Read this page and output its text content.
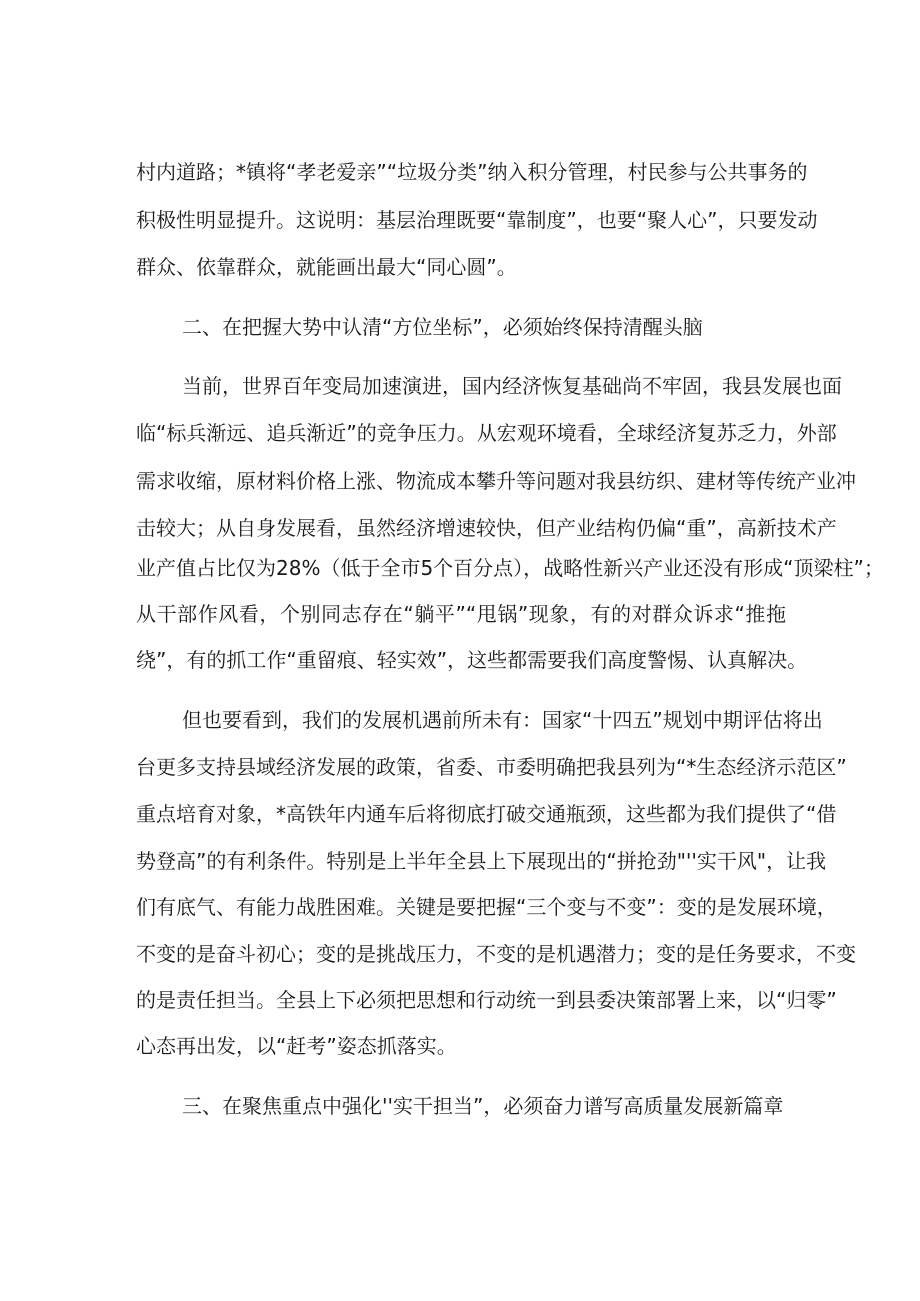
村内道路；*镇将“孝老爱亲”“垃圾分类”纳入积分管理，村民参与公共事务的
积极性明显提升。这说明：基层治理既要“靠制度”，也要“聚人心”，只要发动
群众、依靠群众，就能画出最大“同心圆”。
二、在把握大势中认清“方位坐标”，必须始终保持清醒头脑
当前，世界百年变局加速演进，国内经济恢复基础尚不牢固，我县发展也面
临“标兵渐远、追兵渐近”的竞争压力。从宏观环境看，全球经济复苏乏力，外部
需求收缩，原材料价格上涨、物流成本攀升等问题对我县纺织、建材等传统产业冲
击较大；从自身发展看，虽然经济增速较快，但产业结构仍偏“重”，高新技术产
业产值占比仅为28%（低于全市5个百分点），战略性新兴产业还没有形成“顶梁柱”；
从干部作风看，个别同志存在“躺平”“甩锅”现象，有的对群众诉求“推拖
绕”，有的抓工作“重留痕、轻实效”，这些都需要我们高度警惕、认真解决。
但也要看到，我们的发展机遇前所未有：国家“十四五”规划中期评估将出
台更多支持县域经济发展的政策，省委、市委明确把我县列为“*生态经济示范区”
重点培育对象，*高铁年内通车后将彻底打破交通瓶颈，这些都为我们提供了“借
势登高”的有利条件。特别是上半年全县上下展现出的“拼抢劲"''实干风"，让我
们有底气、有能力战胜困难。关键是要把握“三个变与不变”：变的是发展环境，
不变的是奋斗初心；变的是挑战压力，不变的是机遇潜力；变的是任务要求，不变
的是责任担当。全县上下必须把思想和行动统一到县委决策部署上来，以“归零”
心态再出发，以“赶考”姿态抓落实。
三、在聚焦重点中强化''实干担当”，必须奋力谱写高质量发展新篇章
